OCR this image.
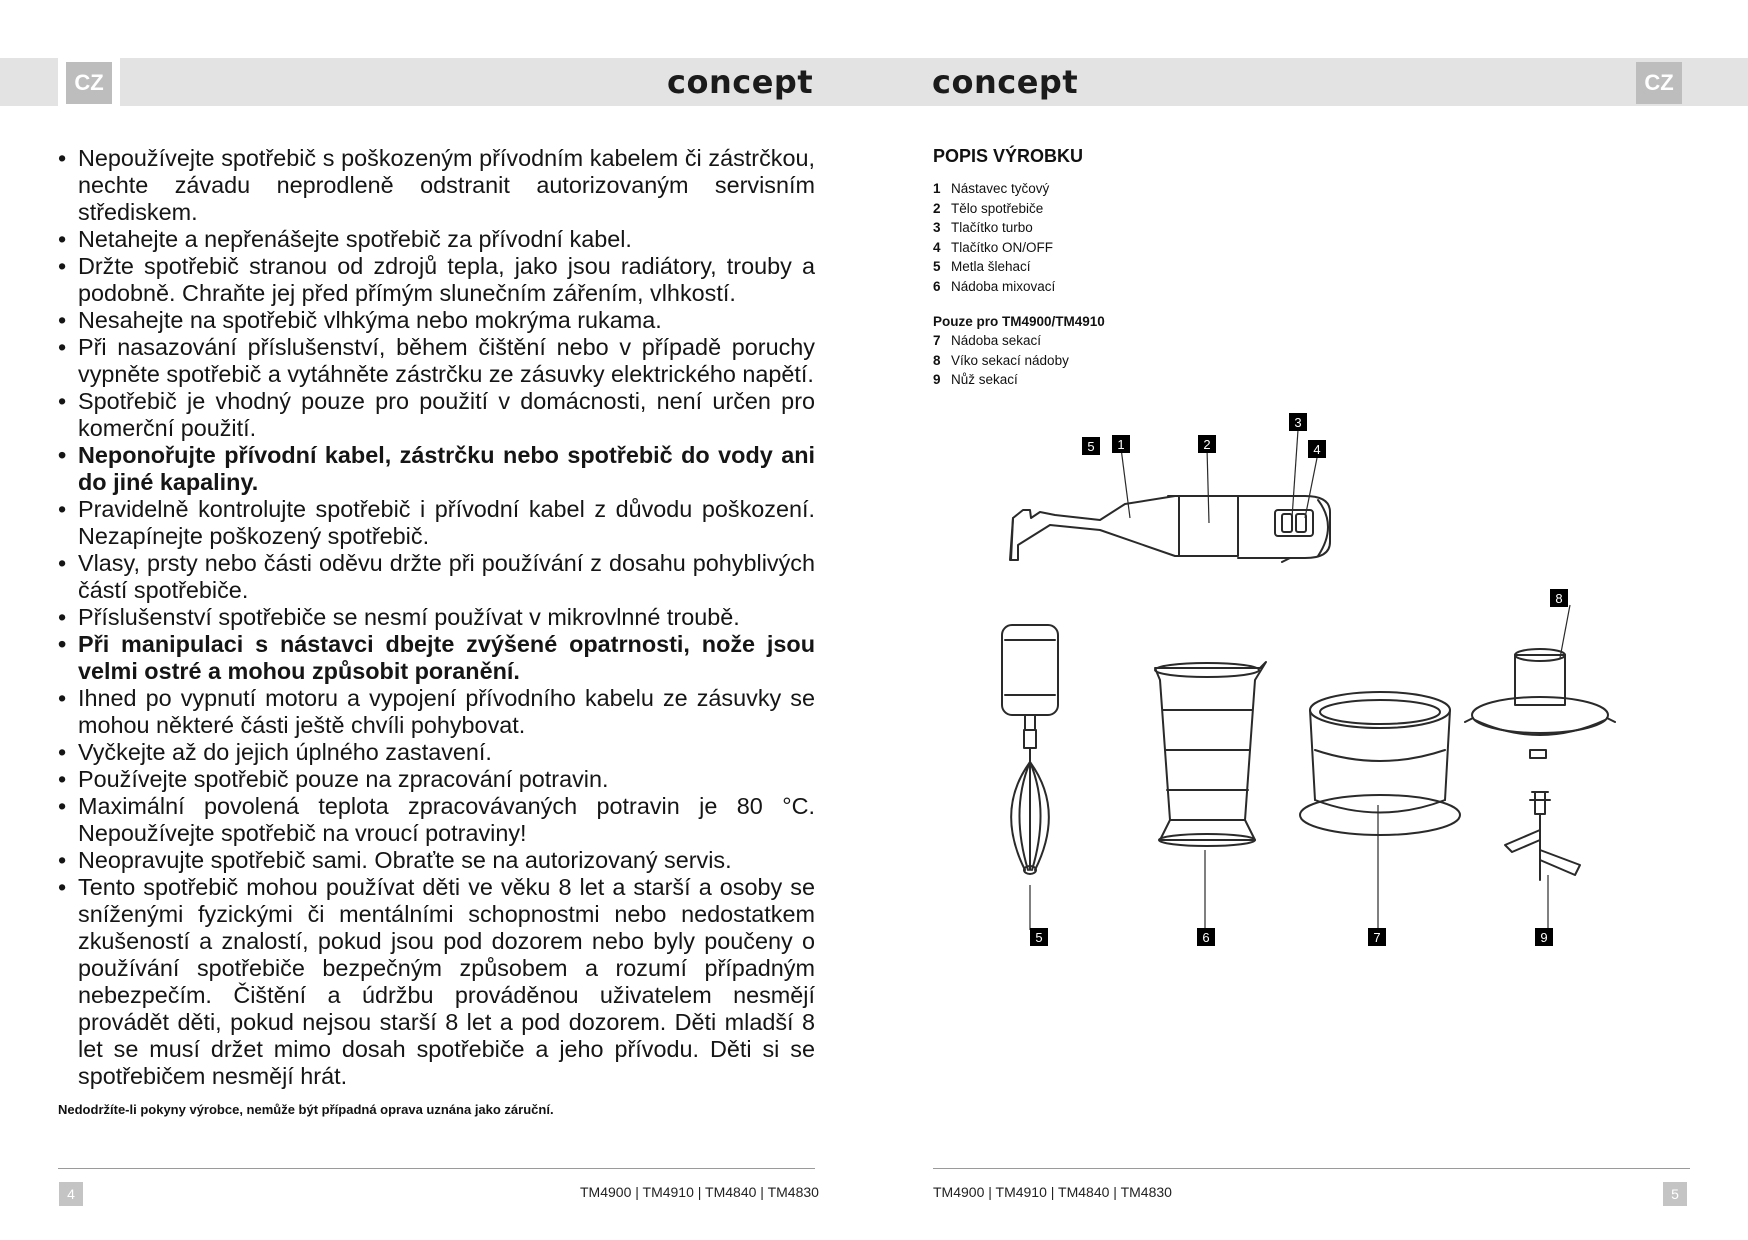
CZ	CZ
concept	concept
• Nepoužívejte spotřebič s poškozeným přívodním kabelem či zástrčkou, nechte závadu neprodleně odstranit autorizovaným servisním střediskem.
• Netahejte a nepřenášejte spotřebič za přívodní kabel.
• Držte spotřebič stranou od zdrojů tepla, jako jsou radiátory, trouby a podobně. Chraňte jej před přímým slunečním zářením, vlhkostí.
• Nesahejte na spotřebič vlhkýma nebo mokrýma rukama.
• Při nasazování příslušenství, během čištění nebo v případě poruchy vypněte spotřebič a vytáhněte zástrčku ze zásuvky elektrického napětí.
• Spotřebič je vhodný pouze pro použití v domácnosti, není určen pro komerční použití.
• Neponořujte přívodní kabel, zástrčku nebo spotřebič do vody ani do jiné kapaliny.
• Pravidelně kontrolujte spotřebič i přívodní kabel z důvodu poškození. Nezapínejte poškozený spotřebič.
• Vlasy, prsty nebo části oděvu držte při používání z dosahu pohyblivých částí spotřebiče.
• Příslušenství spotřebiče se nesmí používat v mikrovlnné troubě.
• Při manipulaci s nástavci dbejte zvýšené opatrnosti, nože jsou velmi ostré a mohou způsobit poranění.
• Ihned po vypnutí motoru a vypojení přívodního kabelu ze zásuvky se mohou některé části ještě chvíli pohybovat.
• Vyčkejte až do jejich úplného zastavení.
• Používejte spotřebič pouze na zpracování potravin.
• Maximální povolená teplota zpracovávaných potravin je 80 °C. Nepoužívejte spotřebič na vroucí potraviny!
• Neopravujte spotřebič sami. Obraťte se na autorizovaný servis.
• Tento spotřebič mohou používat děti ve věku 8 let a starší a osoby se sníženými fyzickými či mentálními schopnostmi nebo nedostatkem zkušeností a znalostí, pokud jsou pod dozorem nebo byly poučeny o používání spotřebiče bezpečným způsobem a rozumí případným nebezpečím. Čištění a údržbu prováděnou uživatelem nesmějí provádět děti, pokud nejsou starší 8 let a pod dozorem. Děti mladší 8 let se musí držet mimo dosah spotřebiče a jeho přívodu. Děti si se spotřebičem nesmějí hrát.
Nedodržíte-li pokyny výrobce, nemůže být případná oprava uznána jako záruční.
4	TM4900 | TM4910 | TM4840 | TM4830	TM4900 | TM4910 | TM4840 | TM4830	5
POPIS VÝROBKU
1 Nástavec tyčový
2 Tělo spotřebiče
3 Tlačítko turbo
4 Tlačítko ON/OFF
5 Metla šlehací
6 Nádoba mixovací
Pouze pro TM4900/TM4910
7 Nádoba sekací
8 Víko sekací nádoby
9 Nůž sekací
5 1	2
3
4
8
5	6	7	9
